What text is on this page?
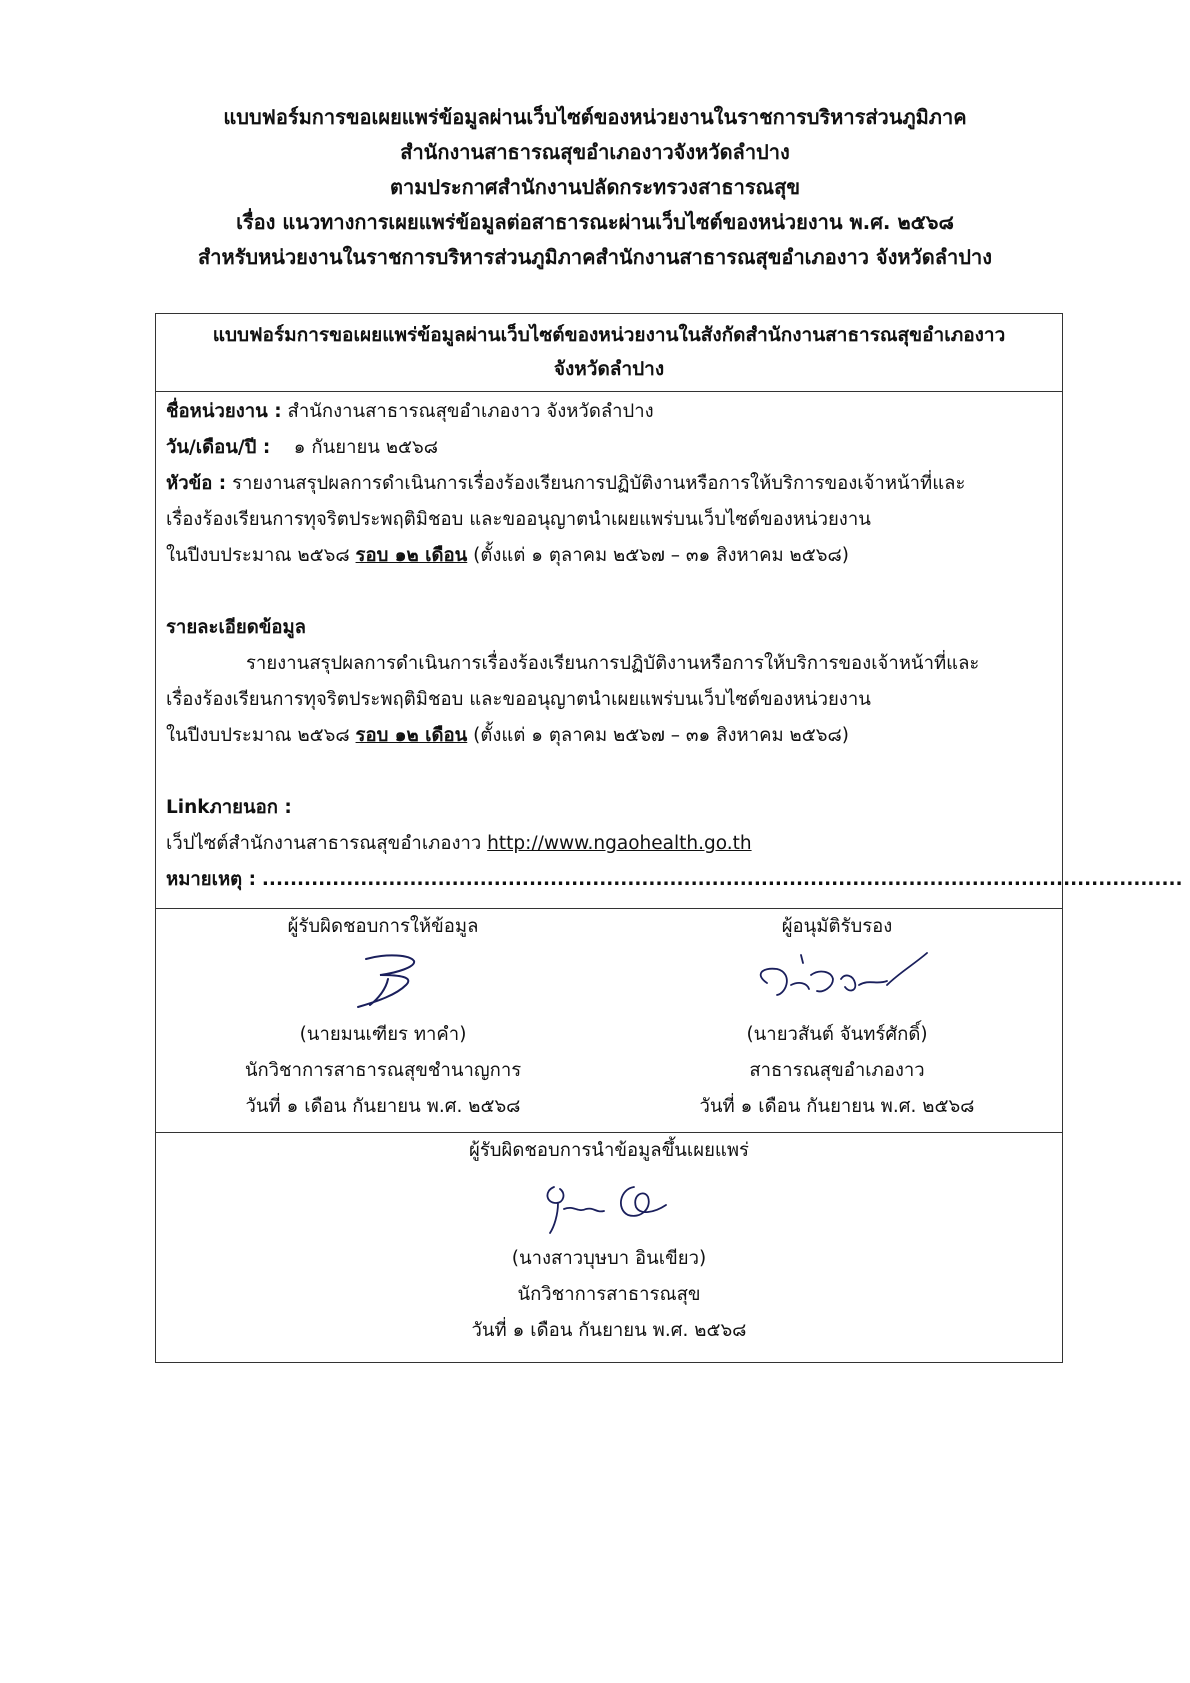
แบบฟอร์มการขอเผยแพร่ข้อมูลผ่านเว็บไซต์ของหน่วยงานในราชการบริหารส่วนภูมิภาค
สำนักงานสาธารณสุขอำเภองาวจังหวัดลำปาง
ตามประกาศสำนักงานปลัดกระทรวงสาธารณสุข
เรื่อง แนวทางการเผยแพร่ข้อมูลต่อสาธารณะผ่านเว็บไซต์ของหน่วยงาน พ.ศ. ๒๕๖๘
สำหรับหน่วยงานในราชการบริหารส่วนภูมิภาคสำนักงานสาธารณสุขอำเภองาว จังหวัดลำปาง
แบบฟอร์มการขอเผยแพร่ข้อมูลผ่านเว็บไซต์ของหน่วยงานในสังกัดสำนักงานสาธารณสุขอำเภองาว
จังหวัดลำปาง
ชื่อหน่วยงาน : สำนักงานสาธารณสุขอำเภองาว จังหวัดลำปาง
วัน/เดือน/ปี : ๑ กันยายน ๒๕๖๘
หัวข้อ : รายงานสรุปผลการดำเนินการเรื่องร้องเรียนการปฏิบัติงานหรือการให้บริการของเจ้าหน้าที่และ
เรื่องร้องเรียนการทุจริตประพฤติมิชอบ และขออนุญาตนำเผยแพร่บนเว็บไซต์ของหน่วยงาน
ในปีงบประมาณ ๒๕๖๘ รอบ ๑๒ เดือน (ตั้งแต่ ๑ ตุลาคม ๒๕๖๗ – ๓๑ สิงหาคม ๒๕๖๘)
รายละเอียดข้อมูล
รายงานสรุปผลการดำเนินการเรื่องร้องเรียนการปฏิบัติงานหรือการให้บริการของเจ้าหน้าที่และ
เรื่องร้องเรียนการทุจริตประพฤติมิชอบ และขออนุญาตนำเผยแพร่บนเว็บไซต์ของหน่วยงาน
ในปีงบประมาณ ๒๕๖๘ รอบ ๑๒ เดือน (ตั้งแต่ ๑ ตุลาคม ๒๕๖๗ – ๓๑ สิงหาคม ๒๕๖๘)
Linkภายนอก :
เว็ปไซต์สำนักงานสาธารณสุขอำเภองาว http://www.ngaohealth.go.th
หมายเหตุ : ...................................................................................................................................
ผู้รับผิดชอบการให้ข้อมูล
(นายมนเฑียร ทาคำ)
นักวิชาการสาธารณสุขชำนาญการ
วันที่ ๑ เดือน กันยายน พ.ศ. ๒๕๖๘
ผู้อนุมัติรับรอง
(นายวสันต์ จันทร์ศักดิ์)
สาธารณสุขอำเภองาว
วันที่ ๑ เดือน กันยายน พ.ศ. ๒๕๖๘
ผู้รับผิดชอบการนำข้อมูลขึ้นเผยแพร่
(นางสาวบุษบา อินเขียว)
นักวิชาการสาธารณสุข
วันที่ ๑ เดือน กันยายน พ.ศ. ๒๕๖๘
